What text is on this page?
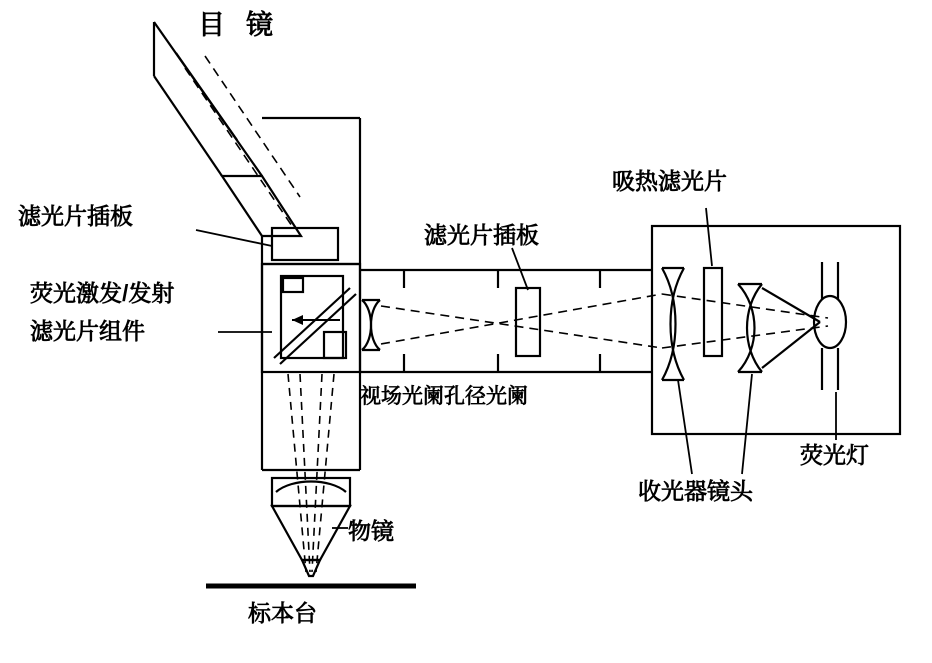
目  镜
滤光片插板
荧光激发/发射
滤光片组件
滤光片插板
吸热滤光片
视场光阑孔径光阑
收光器镜头
荧光灯
物镜
标本台
